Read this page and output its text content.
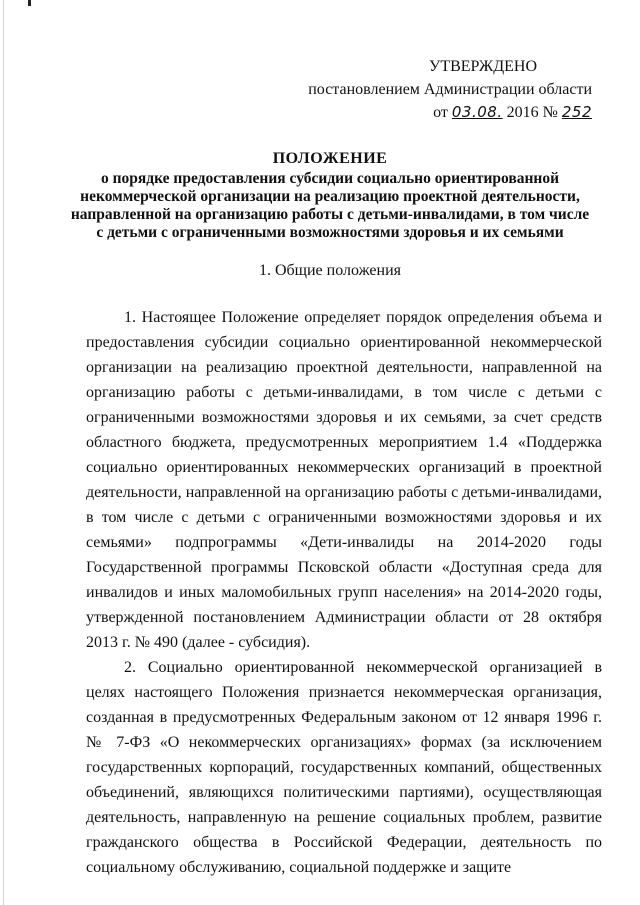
УТВЕРЖДЕНО
постановлением Администрации области
от 03.08. 2016 № 252
ПОЛОЖЕНИЕ
о порядке предоставления субсидии социально ориентированной
некоммерческой организации на реализацию проектной деятельности,
направленной на организацию работы с детьми-инвалидами, в том числе
с детьми с ограниченными возможностями здоровья и их семьями
1. Общие положения

1. Настоящее Положение определяет порядок определения объема и предоставления субсидии социально ориентированной некоммерческой организации на реализацию проектной деятельности, направленной на организацию работы с детьми-инвалидами, в том числе с детьми с ограниченными возможностями здоровья и их семьями, за счет средств областного бюджета, предусмотренных мероприятием 1.4 «Поддержка социально ориентированных некоммерческих организаций в проектной деятельности, направленной на организацию работы с детьми-инвалидами, в том числе с детьми с ограниченными возможностями здоровья и их семьями» подпрограммы «Дети-инвалиды на 2014-2020 годы Государственной программы Псковской области «Доступная среда для инвалидов и иных маломобильных групп населения» на 2014-2020 годы, утвержденной постановлением Администрации области от 28 октября 2013 г. № 490 (далее - субсидия).

2. Социально ориентированной некоммерческой организацией в целях настоящего Положения признается некоммерческая организация, созданная в предусмотренных Федеральным законом от 12 января 1996 г. № 7-ФЗ «О некоммерческих организациях» формах (за исключением государственных корпораций, государственных компаний, общественных объединений, являющихся политическими партиями), осуществляющая деятельность, направленную на решение социальных проблем, развитие гражданского общества в Российской Федерации, деятельность по социальному обслуживанию, социальной поддержке и защите
